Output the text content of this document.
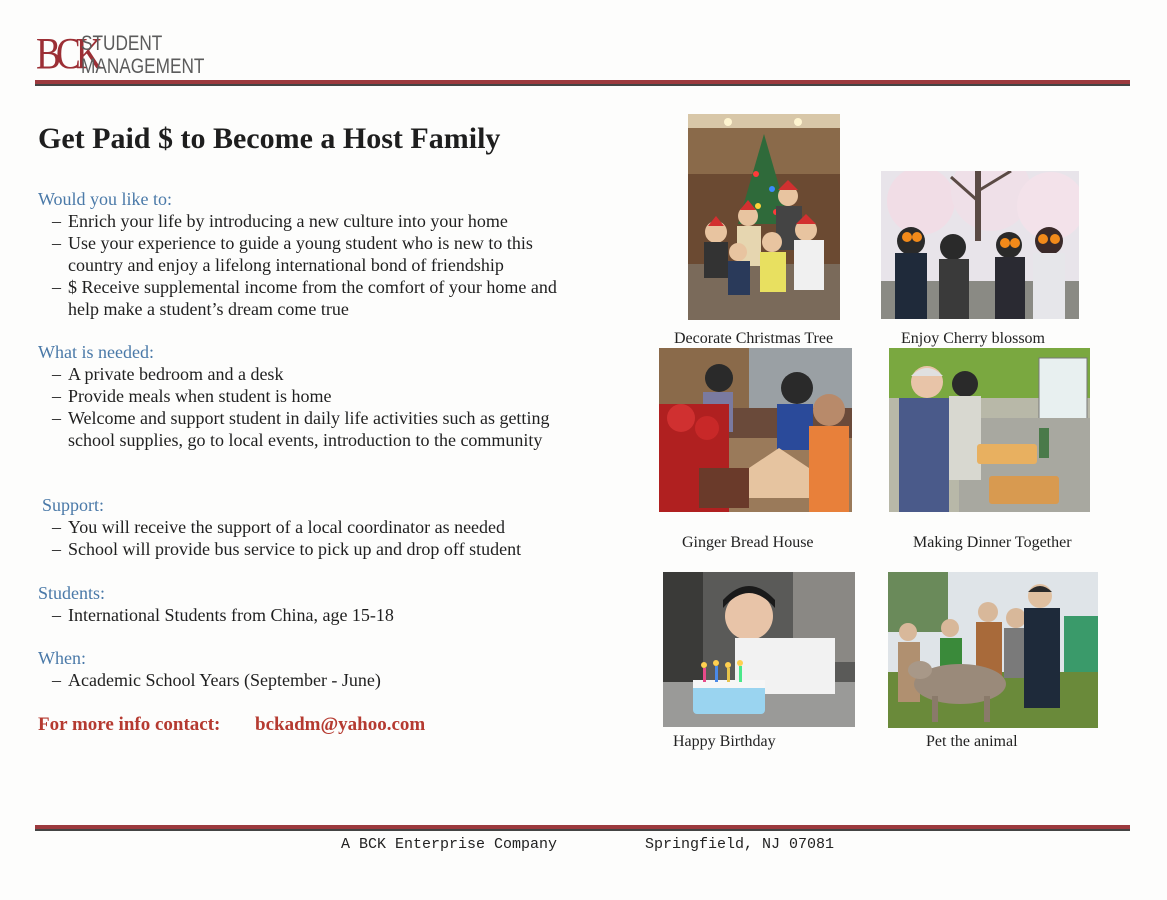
BCK
STUDENT
MANAGEMENT
Get Paid $ to Become a Host Family
Would you like to:
– Enrich your life by introducing a new culture into your home
– Use your experience to guide a young student who is new to this country and enjoy a lifelong international bond of friendship
– $ Receive supplemental income from the comfort of your home and help make a student’s dream come true
What is needed:
– A private bedroom and a desk
– Provide meals when student is home
– Welcome and support student in daily life activities such as getting school supplies, go to local events, introduction to the community
Support:
– You will receive the support of a local coordinator as needed
– School will provide bus service to pick up and drop off student
Students:
– International Students from China, age 15-18
When:
– Academic School Years (September - June)
For more info contact: bckadm@yahoo.com
Decorate Christmas Tree	Enjoy Cherry blossom
Ginger Bread House	Making Dinner Together
Happy Birthday	Pet the animal
A BCK Enterprise Company	Springfield, NJ 07081
